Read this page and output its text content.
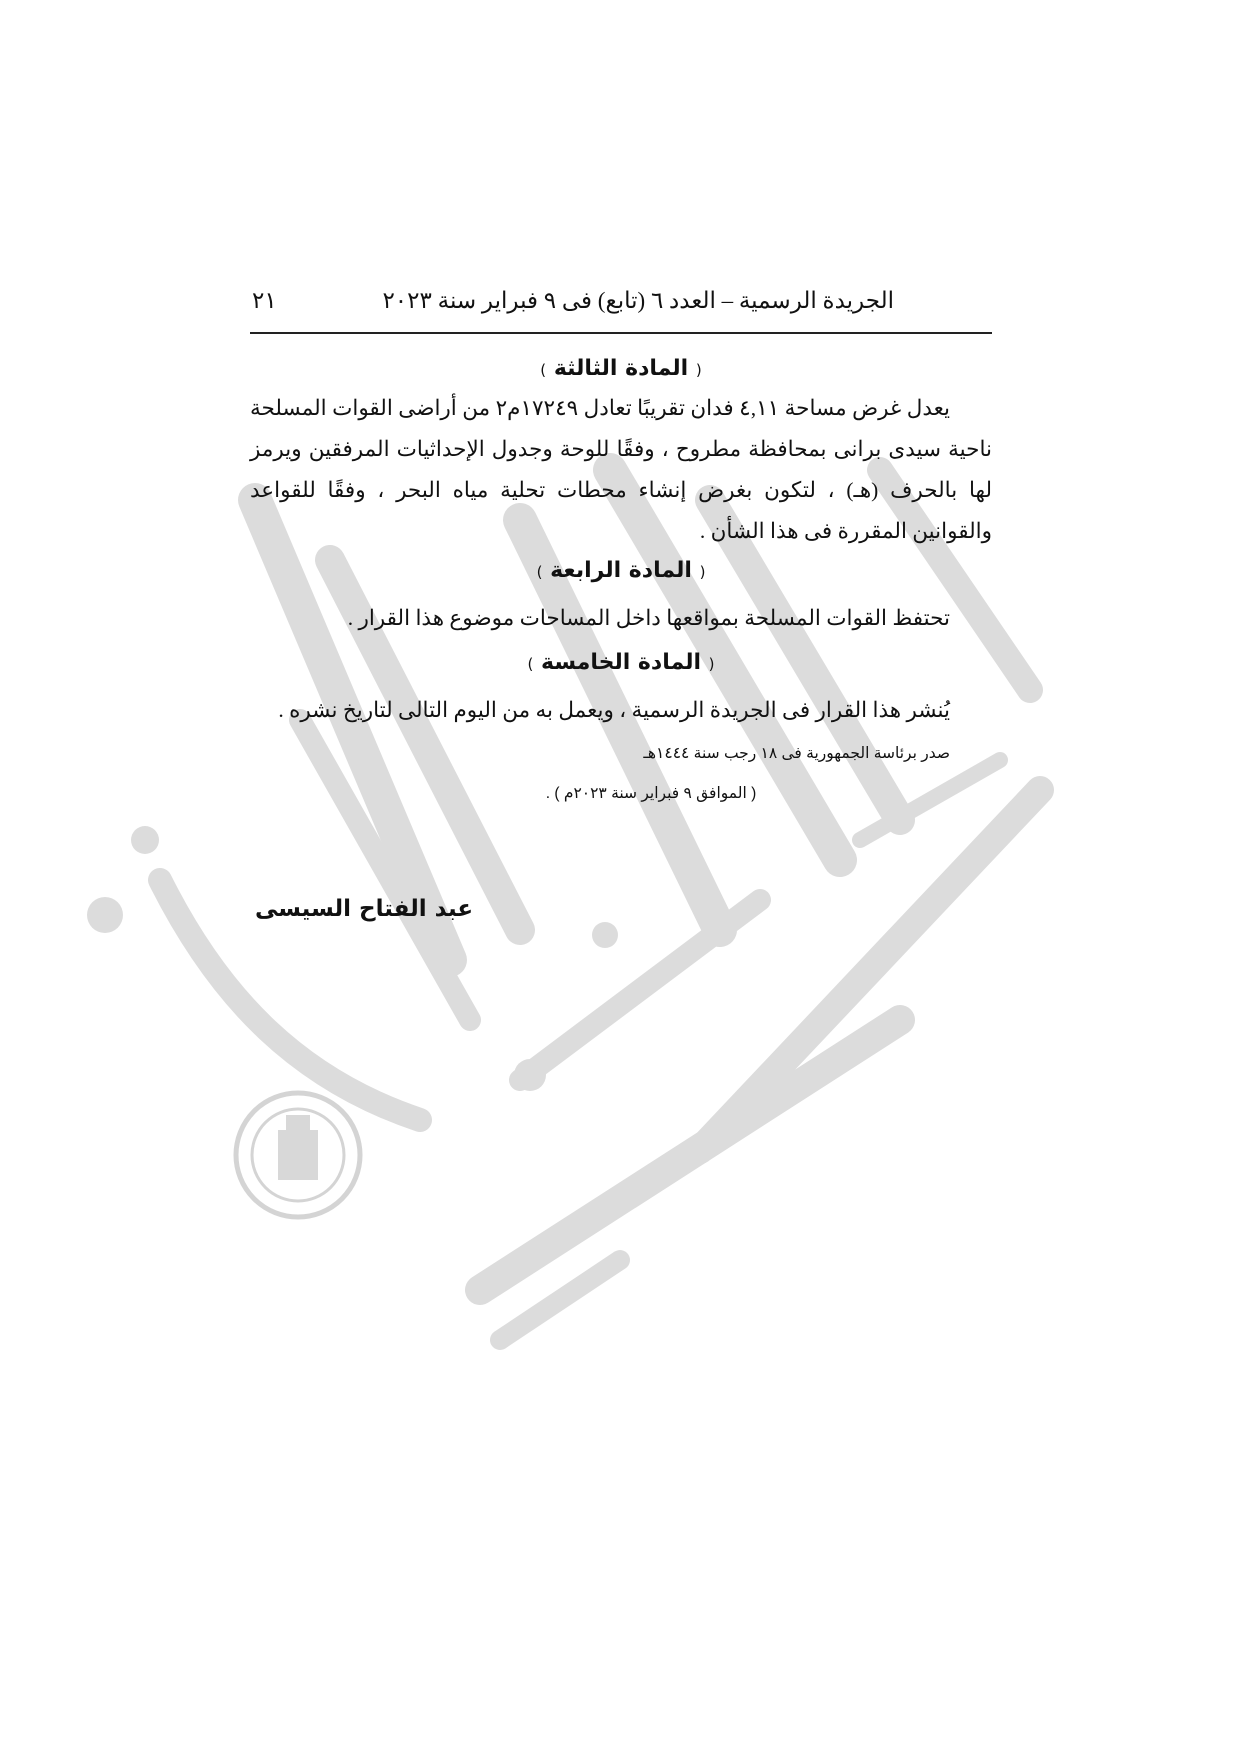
الجريدة الرسمية – العدد ٦ (تابع) فى ٩ فبراير سنة ٢٠٢٣
٢١
( المادة الثالثة )

يعدل غرض مساحة ٤,١١ فدان تقريبًا تعادل ١٧٢٤٩م٢ من أراضى القوات المسلحة ناحية سيدى برانى بمحافظة مطروح ، وفقًا للوحة وجدول الإحداثيات المرفقين ويرمز لها بالحرف (هـ) ، لتكون بغرض إنشاء محطات تحلية مياه البحر ، وفقًا للقواعد والقوانين المقررة فى هذا الشأن .

( المادة الرابعة )

تحتفظ القوات المسلحة بمواقعها داخل المساحات موضوع هذا القرار .

( المادة الخامسة )

يُنشر هذا القرار فى الجريدة الرسمية ، ويعمل به من اليوم التالى لتاريخ نشره .

صدر برئاسة الجمهورية فى ١٨ رجب سنة ١٤٤٤هـ

( الموافق ٩ فبراير سنة ٢٠٢٣م ) .

عبد الفتاح السيسى
